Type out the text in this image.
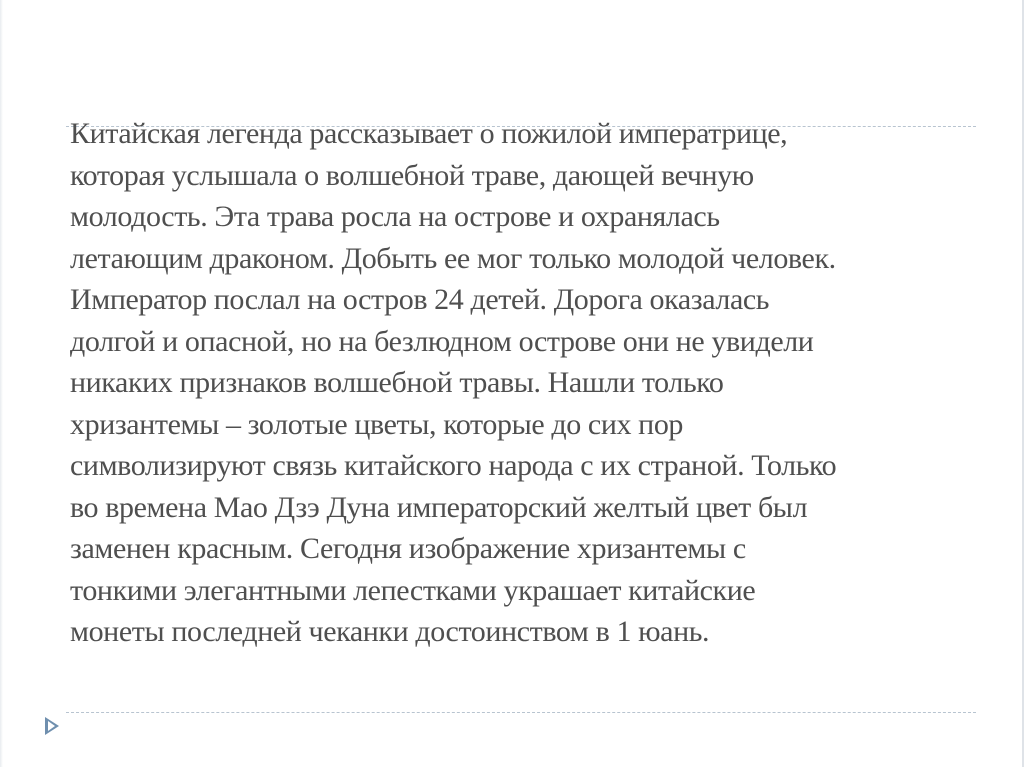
Китайская легенда рассказывает о пожилой императрице,
которая услышала о волшебной траве, дающей вечную
молодость. Эта трава росла на острове и охранялась
летающим драконом. Добыть ее мог только молодой человек.
Император послал на остров 24 детей. Дорога оказалась
долгой и опасной, но на безлюдном острове они не увидели
никаких признаков волшебной травы. Нашли только
хризантемы – золотые цветы, которые до сих пор
символизируют связь китайского народа с их страной. Только
во времена Мао Дзэ Дуна императорский желтый цвет был
заменен красным. Сегодня изображение хризантемы с
тонкими элегантными лепестками украшает китайские
монеты последней чеканки достоинством в 1 юань.
